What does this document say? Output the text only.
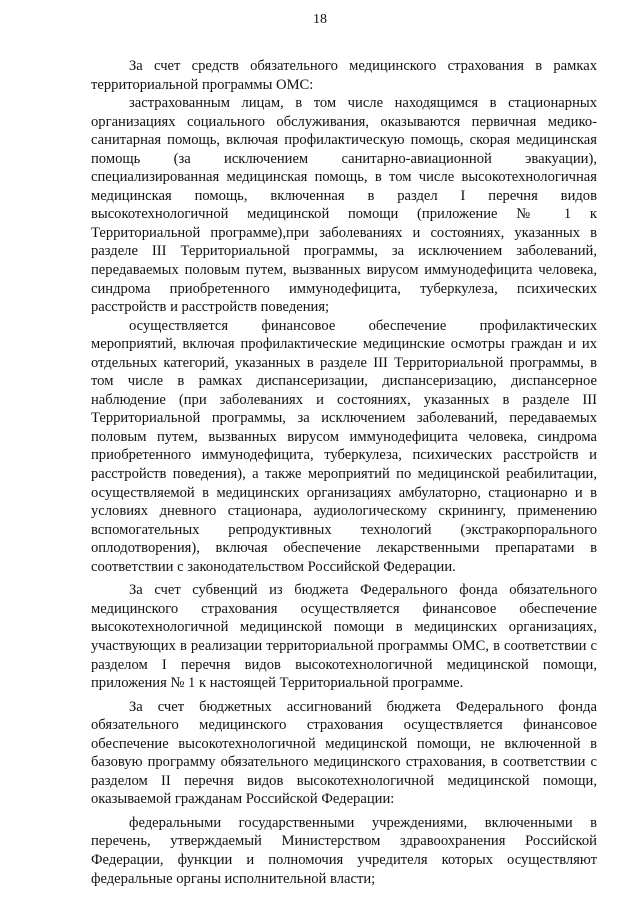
18

За счет средств обязательного медицинского страхования в рамках территориальной программы ОМС:

застрахованным лицам, в том числе находящимся в стационарных организациях социального обслуживания, оказываются первичная медико-санитарная помощь, включая профилактическую помощь, скорая медицинская помощь (за исключением санитарно-авиационной эвакуации), специализированная медицинская помощь, в том числе высокотехнологичная медицинская помощь, включенная в раздел I перечня видов высокотехнологичной медицинской помощи (приложение № 1 к Территориальной программе),при заболеваниях и состояниях, указанных в разделе III Территориальной программы, за исключением заболеваний, передаваемых половым путем, вызванных вирусом иммунодефицита человека, синдрома приобретенного иммунодефицита, туберкулеза, психических расстройств и расстройств поведения;

осуществляется финансовое обеспечение профилактических мероприятий, включая профилактические медицинские осмотры граждан и их отдельных категорий, указанных в разделе III Территориальной программы, в том числе в рамках диспансеризации, диспансеризацию, диспансерное наблюдение (при заболеваниях и состояниях, указанных в разделе III Территориальной программы, за исключением заболеваний, передаваемых половым путем, вызванных вирусом иммунодефицита человека, синдрома приобретенного иммунодефицита, туберкулеза, психических расстройств и расстройств поведения), а также мероприятий по медицинской реабилитации, осуществляемой в медицинских организациях амбулаторно, стационарно и в условиях дневного стационара, аудиологическому скринингу, применению вспомогательных репродуктивных технологий (экстракорпорального оплодотворения), включая обеспечение лекарственными препаратами в соответствии с законодательством Российской Федерации.

За счет субвенций из бюджета Федерального фонда обязательного медицинского страхования осуществляется финансовое обеспечение высокотехнологичной медицинской помощи в медицинских организациях, участвующих в реализации территориальной программы ОМС, в соответствии с разделом I перечня видов высокотехнологичной медицинской помощи, приложения № 1 к настоящей Территориальной программе.

За счет бюджетных ассигнований бюджета Федерального фонда обязательного медицинского страхования осуществляется финансовое обеспечение высокотехнологичной медицинской помощи, не включенной в базовую программу обязательного медицинского страхования, в соответствии с разделом II перечня видов высокотехнологичной медицинской помощи, оказываемой гражданам Российской Федерации:

федеральными государственными учреждениями, включенными в перечень, утверждаемый Министерством здравоохранения Российской Федерации, функции и полномочия учредителя которых осуществляют федеральные органы исполнительной власти;
